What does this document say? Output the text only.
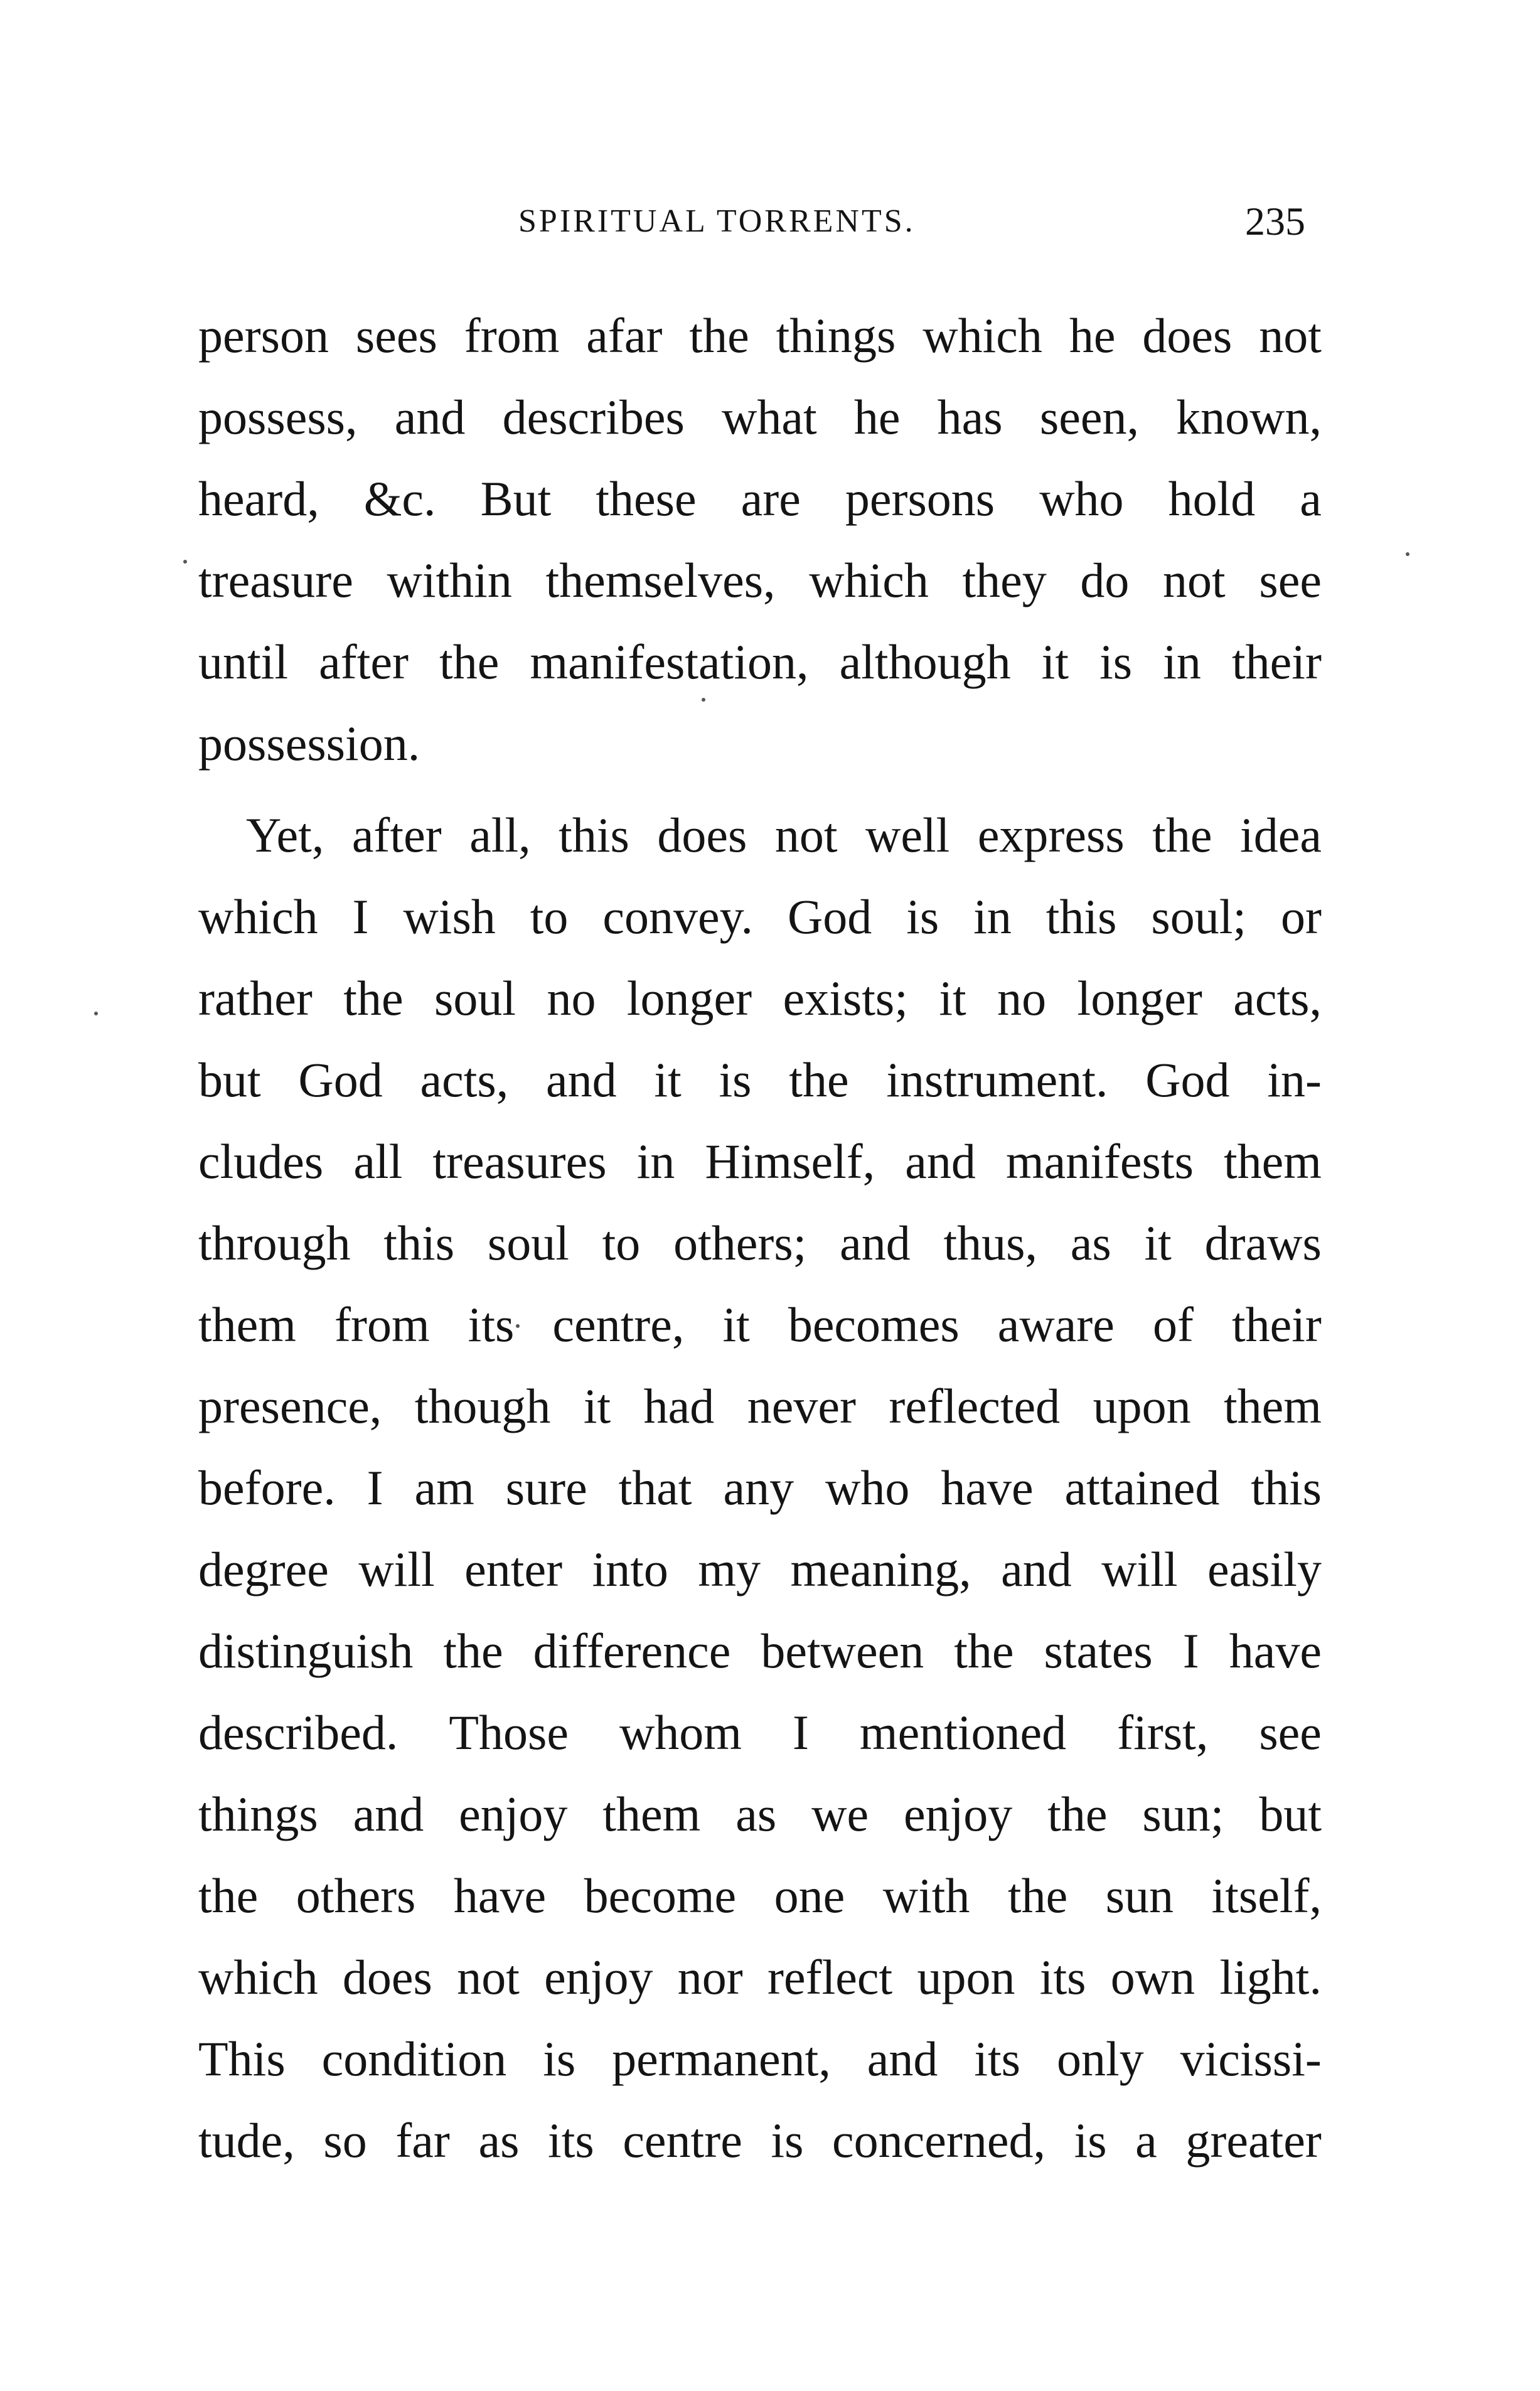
SPIRITUAL TORRENTS.	235
person sees from afar the things which he does not
possess, and describes what he has seen, known,
heard, &c. But these are persons who hold a
treasure within themselves, which they do not see
until after the manifestation, although it is in their
possession.
Yet, after all, this does not well express the idea
which I wish to convey. God is in this soul; or
rather the soul no longer exists; it no longer acts,
but God acts, and it is the instrument. God in-
cludes all treasures in Himself, and manifests them
through this soul to others; and thus, as it draws
them from its centre, it becomes aware of their
presence, though it had never reflected upon them
before. I am sure that any who have attained this
degree will enter into my meaning, and will easily
distinguish the difference between the states I have
described. Those whom I mentioned first, see
things and enjoy them as we enjoy the sun; but
the others have become one with the sun itself,
which does not enjoy nor reflect upon its own light.
This condition is permanent, and its only vicissi-
tude, so far as its centre is concerned, is a greater
